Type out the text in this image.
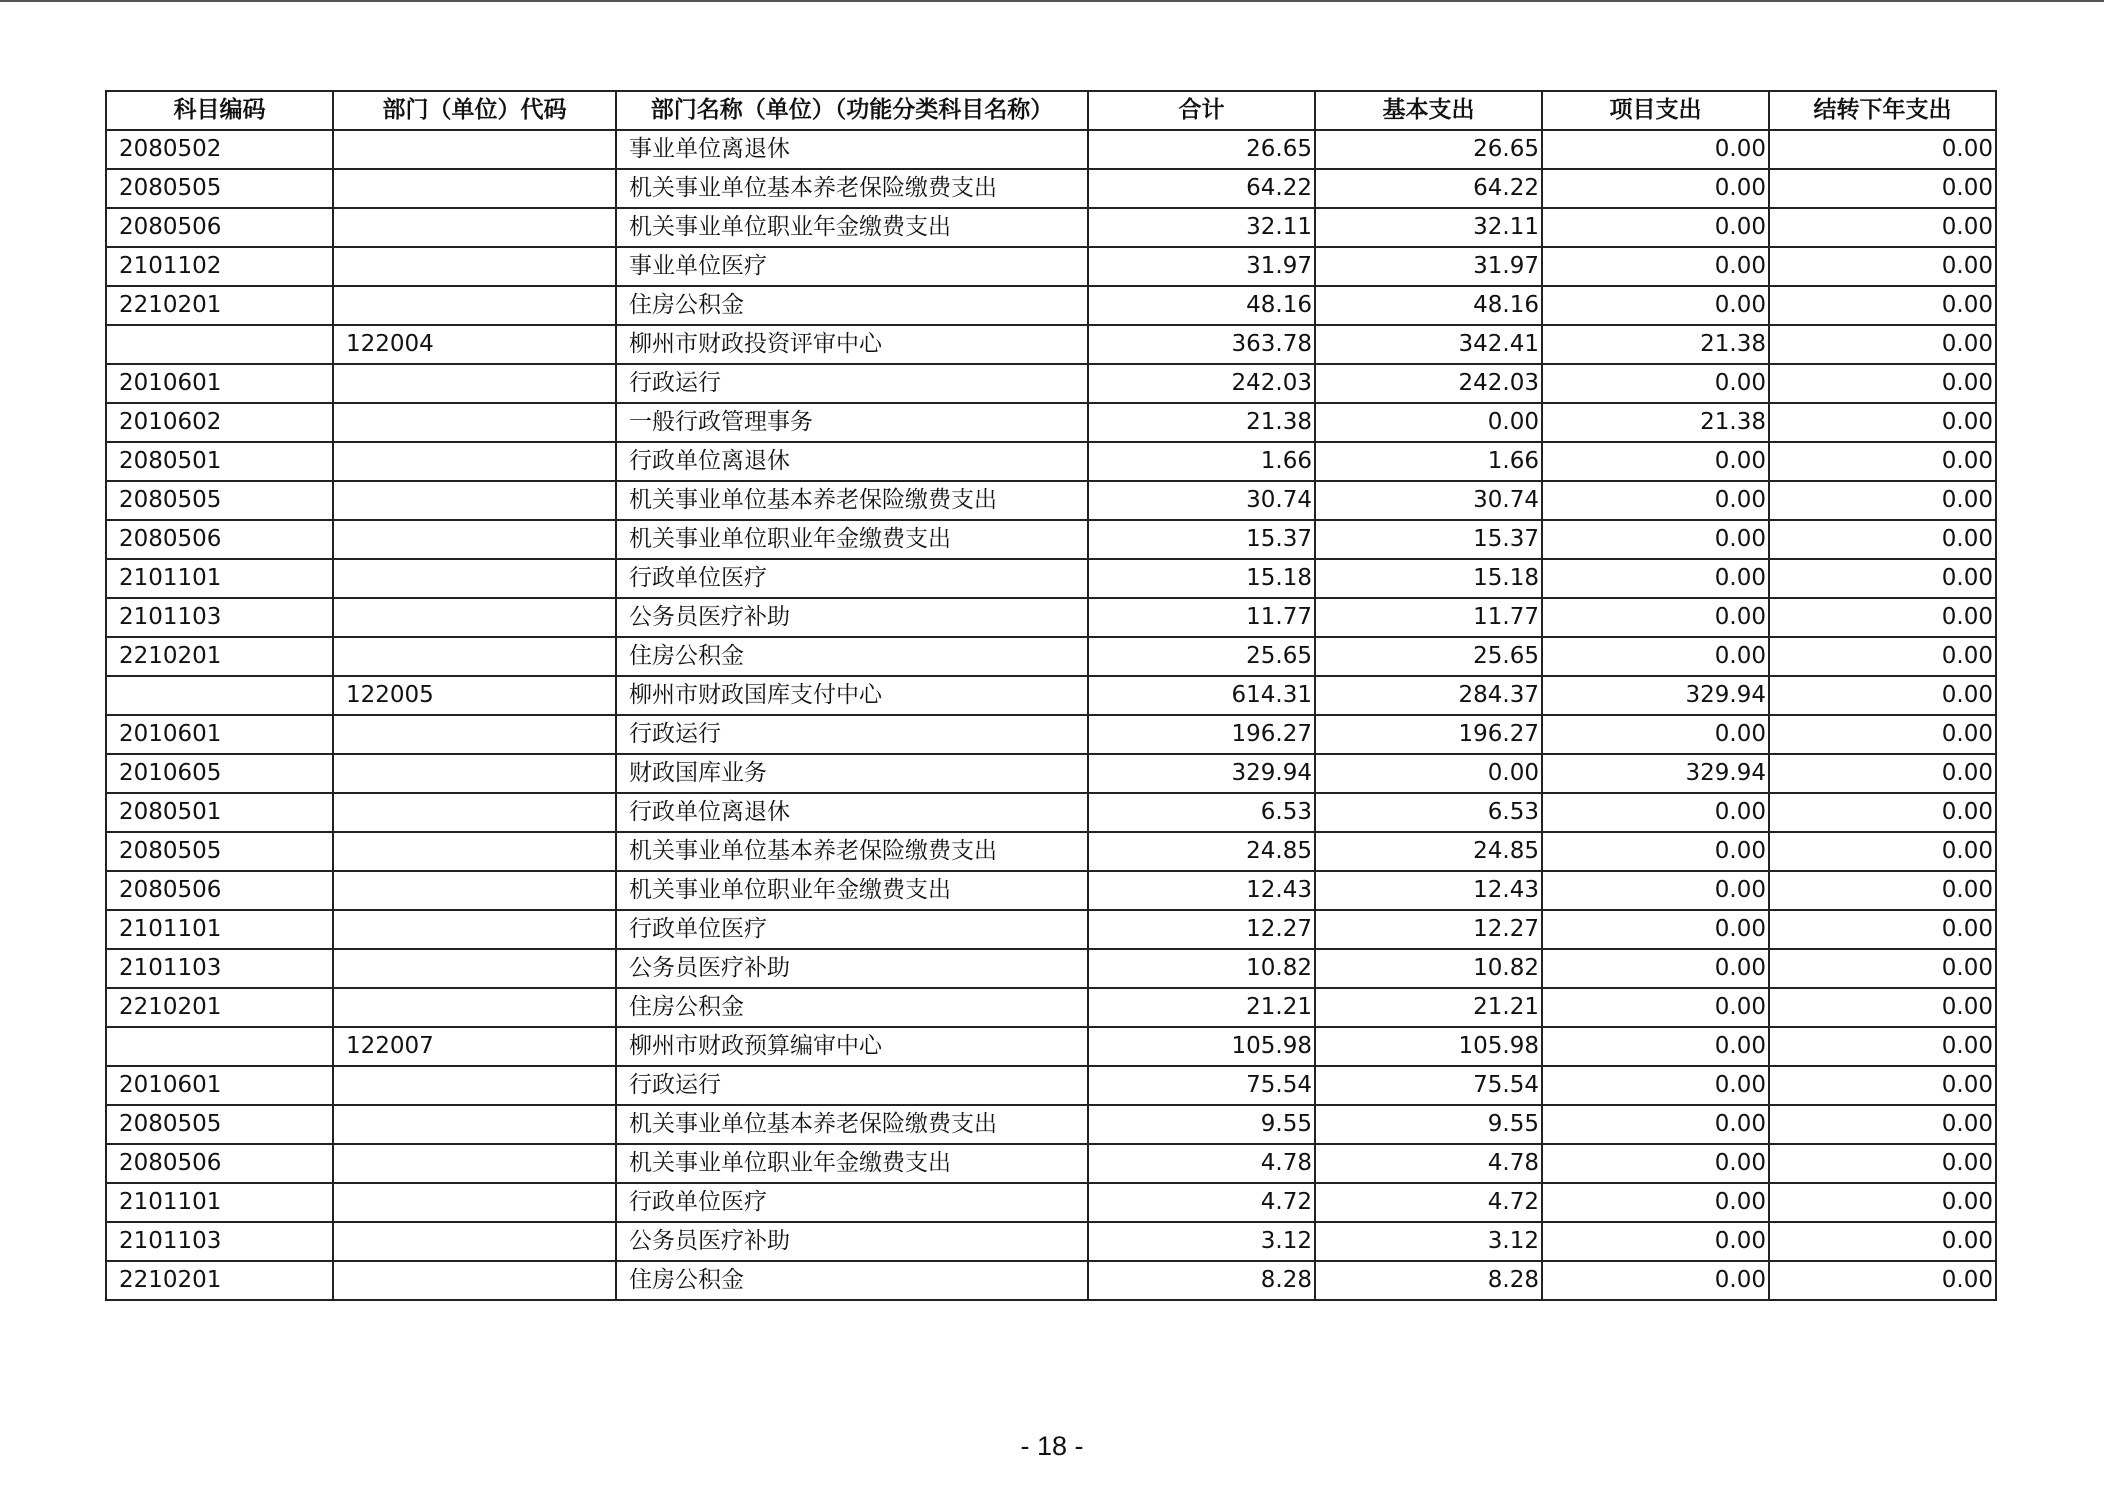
科目编码	部门（单位）代码	部门名称（单位）（功能分类科目名称）	合计	基本支出	项目支出	结转下年支出
2080502		事业单位离退休	26.65	26.65	0.00	0.00
2080505		机关事业单位基本养老保险缴费支出	64.22	64.22	0.00	0.00
2080506		机关事业单位职业年金缴费支出	32.11	32.11	0.00	0.00
2101102		事业单位医疗	31.97	31.97	0.00	0.00
2210201		住房公积金	48.16	48.16	0.00	0.00
	122004	柳州市财政投资评审中心	363.78	342.41	21.38	0.00
2010601		行政运行	242.03	242.03	0.00	0.00
2010602		一般行政管理事务	21.38	0.00	21.38	0.00
2080501		行政单位离退休	1.66	1.66	0.00	0.00
2080505		机关事业单位基本养老保险缴费支出	30.74	30.74	0.00	0.00
2080506		机关事业单位职业年金缴费支出	15.37	15.37	0.00	0.00
2101101		行政单位医疗	15.18	15.18	0.00	0.00
2101103		公务员医疗补助	11.77	11.77	0.00	0.00
2210201		住房公积金	25.65	25.65	0.00	0.00
	122005	柳州市财政国库支付中心	614.31	284.37	329.94	0.00
2010601		行政运行	196.27	196.27	0.00	0.00
2010605		财政国库业务	329.94	0.00	329.94	0.00
2080501		行政单位离退休	6.53	6.53	0.00	0.00
2080505		机关事业单位基本养老保险缴费支出	24.85	24.85	0.00	0.00
2080506		机关事业单位职业年金缴费支出	12.43	12.43	0.00	0.00
2101101		行政单位医疗	12.27	12.27	0.00	0.00
2101103		公务员医疗补助	10.82	10.82	0.00	0.00
2210201		住房公积金	21.21	21.21	0.00	0.00
	122007	柳州市财政预算编审中心	105.98	105.98	0.00	0.00
2010601		行政运行	75.54	75.54	0.00	0.00
2080505		机关事业单位基本养老保险缴费支出	9.55	9.55	0.00	0.00
2080506		机关事业单位职业年金缴费支出	4.78	4.78	0.00	0.00
2101101		行政单位医疗	4.72	4.72	0.00	0.00
2101103		公务员医疗补助	3.12	3.12	0.00	0.00
2210201		住房公积金	8.28	8.28	0.00	0.00
- 18 -
